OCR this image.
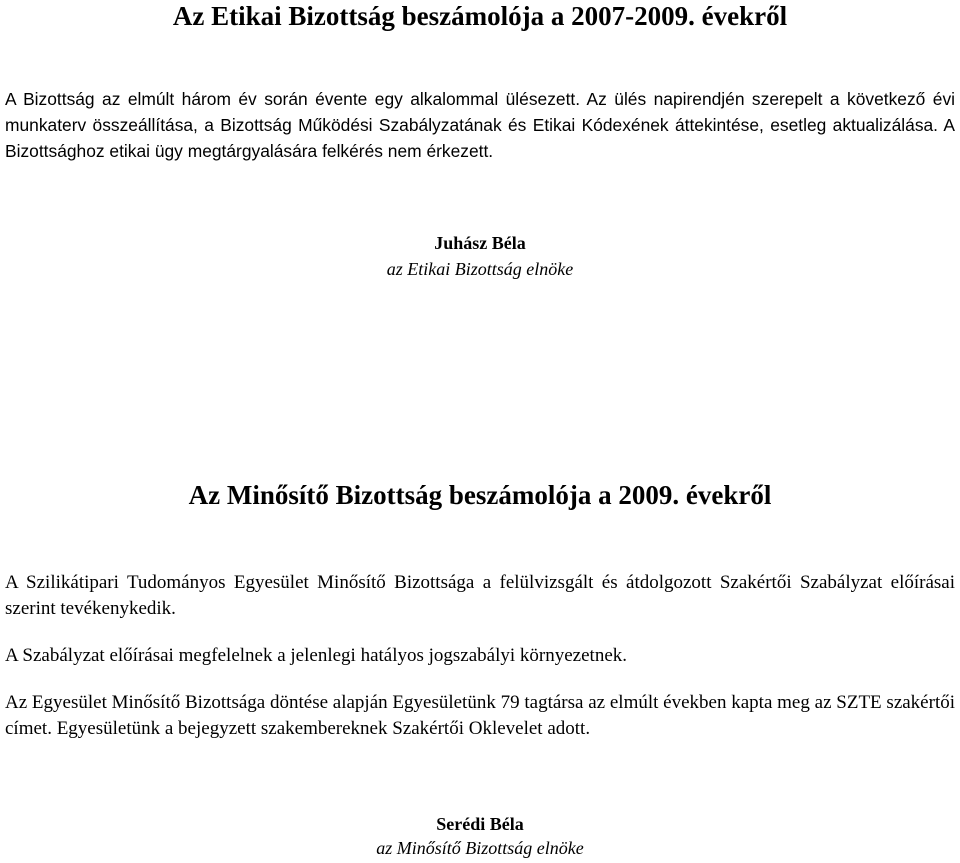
Az Etikai Bizottság beszámolója a 2007-2009. évekről

A Bizottság az elmúlt három év során évente egy alkalommal ülésezett. Az ülés napirendjén szerepelt a következő évi munkaterv összeállítása, a Bizottság Működési Szabályzatának és Etikai Kódexének áttekintése, esetleg aktualizálása. A Bizottsághoz etikai ügy megtárgyalására felkérés nem érkezett.

Juhász Béla
az Etikai Bizottság elnöke
Az Minősítő Bizottság beszámolója a 2009. évekről

A Szilikátipari Tudományos Egyesület Minősítő Bizottsága a felülvizsgált és átdolgozott Szakértői Szabályzat előírásai szerint tevékenykedik.

A Szabályzat előírásai megfelelnek a jelenlegi hatályos jogszabályi környezetnek.

Az Egyesület Minősítő Bizottsága döntése alapján Egyesületünk 79 tagtársa az elmúlt években kapta meg az SZTE szakértői címet. Egyesületünk a bejegyzett szakembereknek Szakértői Oklevelet adott.

Serédi Béla
az Minősítő Bizottság elnöke
